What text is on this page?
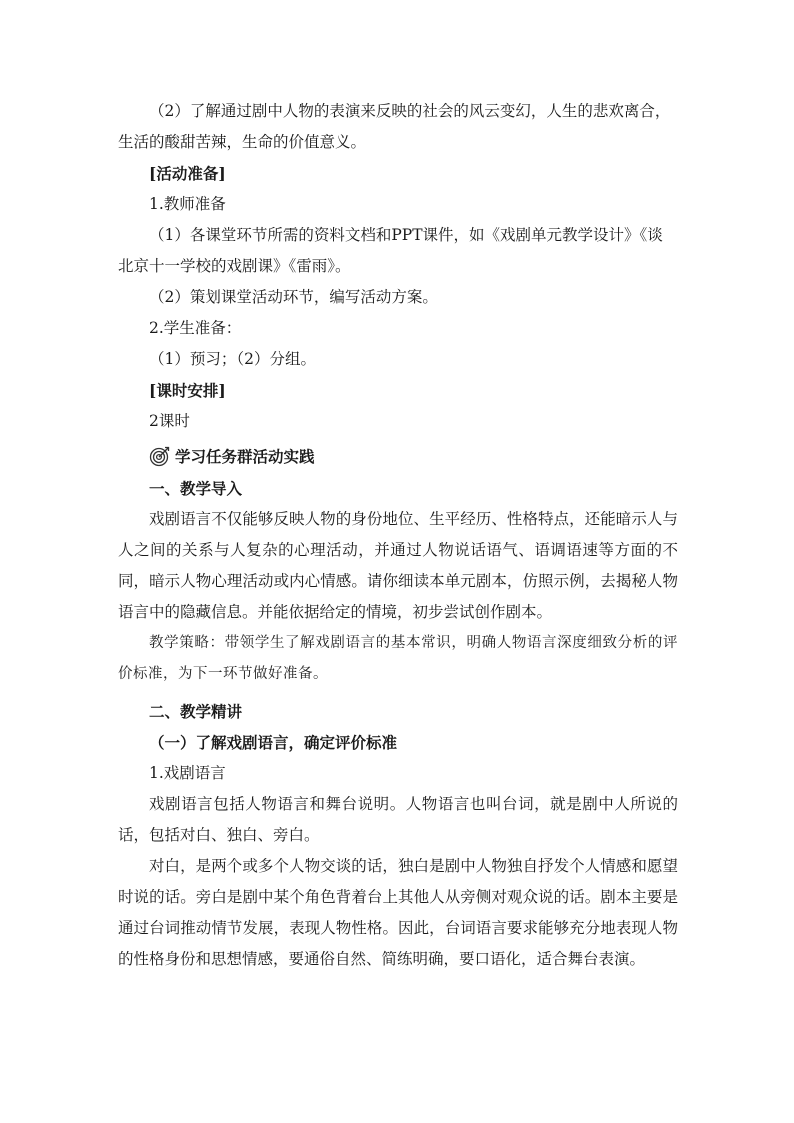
（2）了解通过剧中人物的表演来反映的社会的风云变幻，人生的悲欢离合，

生活的酸甜苦辣，生命的价值意义。

[活动准备]

1.教师准备

（1）各课堂环节所需的资料文档和PPT课件，如《戏剧单元教学设计》《谈

北京十一学校的戏剧课》《雷雨》。

（2）策划课堂活动环节，编写活动方案。

2.学生准备：

（1）预习；（2）分组。

[课时安排]

2课时

学习任务群活动实践

一、教学导入

戏剧语言不仅能够反映人物的身份地位、生平经历、性格特点，还能暗示人与人之间的关系与人复杂的心理活动，并通过人物说话语气、语调语速等方面的不同，暗示人物心理活动或内心情感。请你细读本单元剧本，仿照示例，去揭秘人物语言中的隐藏信息。并能依据给定的情境，初步尝试创作剧本。

教学策略：带领学生了解戏剧语言的基本常识，明确人物语言深度细致分析的评价标准，为下一环节做好准备。

二、教学精讲

（一）了解戏剧语言，确定评价标准

1.戏剧语言

戏剧语言包括人物语言和舞台说明。人物语言也叫台词，就是剧中人所说的话，包括对白、独白、旁白。

对白，是两个或多个人物交谈的话，独白是剧中人物独自抒发个人情感和愿望时说的话。旁白是剧中某个角色背着台上其他人从旁侧对观众说的话。剧本主要是通过台词推动情节发展，表现人物性格。因此，台词语言要求能够充分地表现人物的性格身份和思想情感，要通俗自然、简练明确，要口语化，适合舞台表演。
